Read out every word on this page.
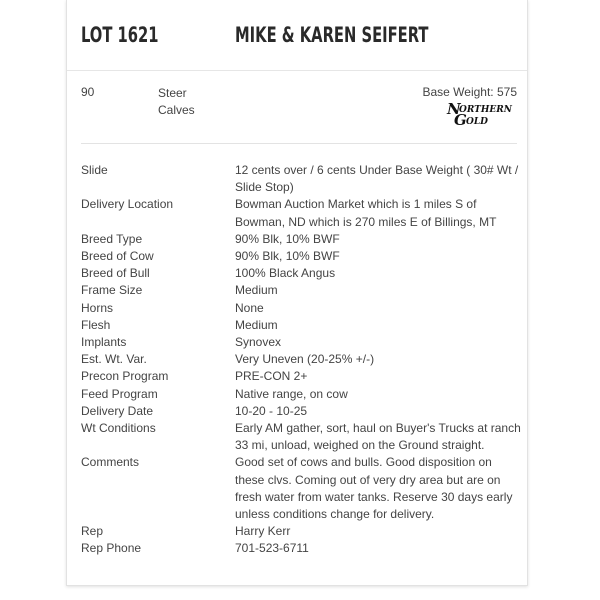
LOT 1621	MIKE & KAREN SEIFERT
90	Steer Calves
Base Weight: 575
N
ORTHERN
G OLD
Slide	12 cents over / 6 cents Under Base Weight ( 30# Wt / Slide Stop)
Delivery Location	Bowman Auction Market which is 1 miles S of Bowman, ND which is 270 miles E of Billings, MT
Breed Type	90% Blk, 10% BWF
Breed of Cow	90% Blk, 10% BWF
Breed of Bull	100% Black Angus
Frame Size	Medium
Horns	None
Flesh	Medium
Implants	Synovex
Est. Wt. Var.	Very Uneven (20-25% +/-)
Precon Program	PRE-CON 2+
Feed Program	Native range, on cow
Delivery Date	10-20 - 10-25
Wt Conditions	Early AM gather, sort, haul on Buyer's Trucks at ranch 33 mi, unload, weighed on the Ground straight.
Comments	Good set of cows and bulls. Good disposition on these clvs. Coming out of very dry area but are on fresh water from water tanks. Reserve 30 days early unless conditions change for delivery.
Rep	Harry Kerr
Rep Phone	701-523-6711
